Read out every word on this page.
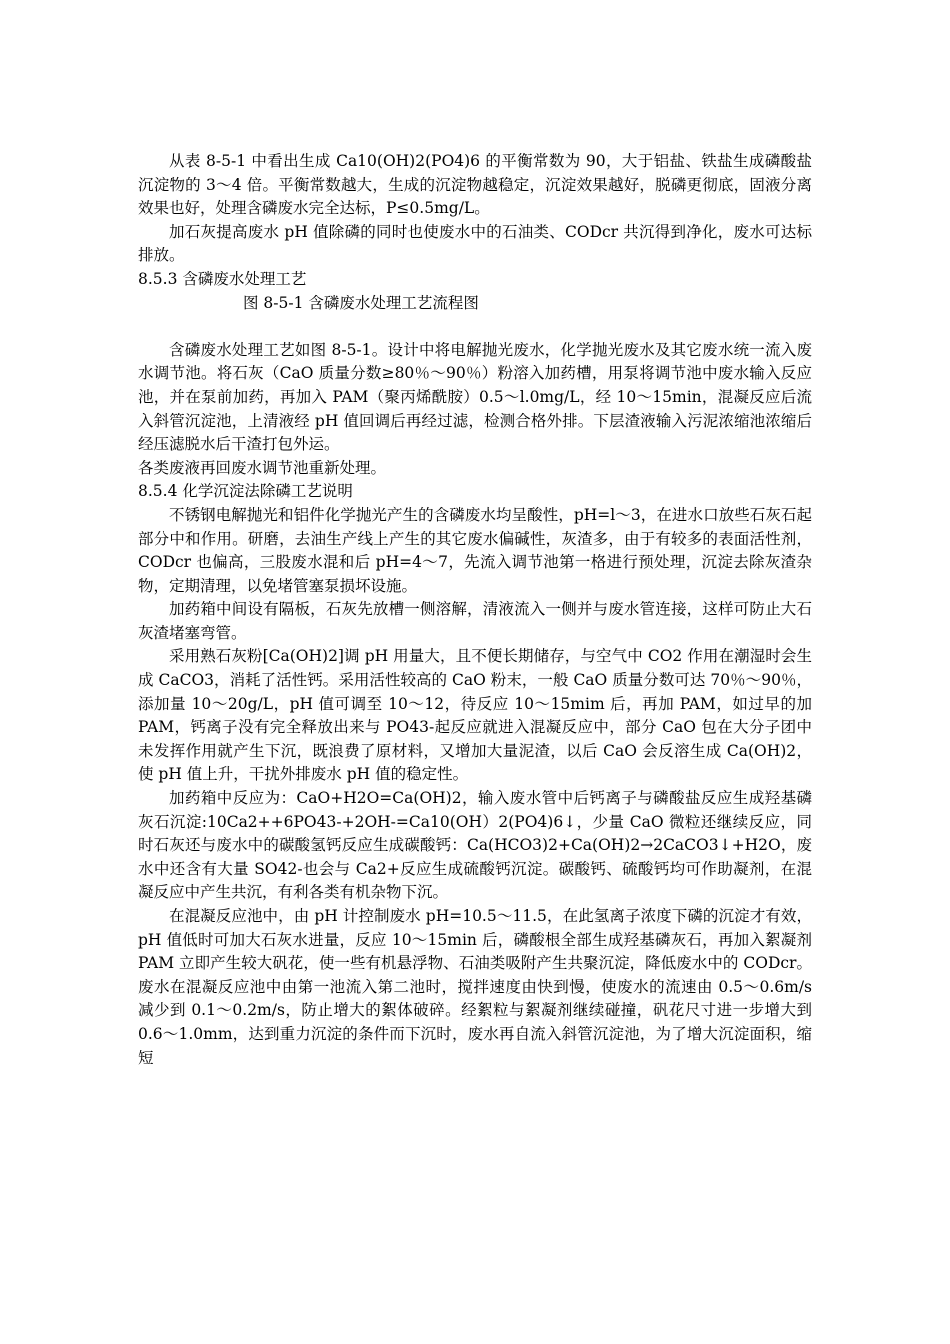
从表 8-5-1 中看出生成 Ca10(OH)2(PO4)6 的平衡常数为 90，大于铝盐、铁盐生成磷酸盐沉淀物的 3～4 倍。平衡常数越大，生成的沉淀物越稳定，沉淀效果越好，脱磷更彻底，固液分离效果也好，处理含磷废水完全达标，P≤0.5mg/L。

加石灰提高废水 pH 值除磷的同时也使废水中的石油类、CODcr 共沉得到净化，废水可达标排放。

8.5.3 含磷废水处理工艺

图 8-5-1 含磷废水处理工艺流程图

含磷废水处理工艺如图 8-5-1。设计中将电解抛光废水，化学抛光废水及其它废水统一流入废水调节池。将石灰（CaO 质量分数≥80％～90％）粉溶入加药槽，用泵将调节池中废水输入反应池，并在泵前加药，再加入 PAM（聚丙烯酰胺）0.5～l.0mg/L，经 10～15min，混凝反应后流入斜管沉淀池，上清液经 pH 值回调后再经过滤，检测合格外排。下层渣液输入污泥浓缩池浓缩后经压滤脱水后干渣打包外运。

各类废液再回废水调节池重新处理。

8.5.4 化学沉淀法除磷工艺说明

不锈钢电解抛光和铝件化学抛光产生的含磷废水均呈酸性，pH=l～3，在进水口放些石灰石起部分中和作用。研磨，去油生产线上产生的其它废水偏碱性，灰渣多，由于有较多的表面活性剂，CODcr 也偏高，三股废水混和后 pH=4～7，先流入调节池第一格进行预处理，沉淀去除灰渣杂物，定期清理，以免堵管塞泵损坏设施。

加药箱中间设有隔板，石灰先放槽一侧溶解，清液流入一侧并与废水管连接，这样可防止大石灰渣堵塞弯管。

采用熟石灰粉[Ca(OH)2]调 pH 用量大，且不便长期储存，与空气中 CO2 作用在潮湿时会生成 CaCO3，消耗了活性钙。采用活性较高的 CaO 粉末，一般 CaO 质量分数可达 70％～90％，添加量 10～20g/L，pH 值可调至 10～12，待反应 10～15mim 后，再加 PAM，如过早的加 PAM，钙离子没有完全释放出来与 PO43-起反应就进入混凝反应中，部分 CaO 包在大分子团中未发挥作用就产生下沉，既浪费了原材料，又增加大量泥渣，以后 CaO 会反溶生成 Ca(OH)2，使 pH 值上升，干扰外排废水 pH 值的稳定性。

加药箱中反应为：CaO+H2O=Ca(OH)2，输入废水管中后钙离子与磷酸盐反应生成羟基磷灰石沉淀:10Ca2++6PO43-+2OH-=Ca10(OH）2(PO4)6↓，少量 CaO 微粒还继续反应，同时石灰还与废水中的碳酸氢钙反应生成碳酸钙：Ca(HCO3)2+Ca(OH)2→2CaCO3↓+H2O，废水中还含有大量 SO42-也会与 Ca2+反应生成硫酸钙沉淀。碳酸钙、硫酸钙均可作助凝剂，在混凝反应中产生共沉，有利各类有机杂物下沉。

在混凝反应池中，由 pH 计控制废水 pH=10.5～11.5，在此氢离子浓度下磷的沉淀才有效，pH 值低时可加大石灰水进量，反应 10～15min 后，磷酸根全部生成羟基磷灰石，再加入絮凝剂 PAM 立即产生较大矾花，使一些有机悬浮物、石油类吸附产生共聚沉淀，降低废水中的 CODcr。废水在混凝反应池中由第一池流入第二池时，搅拌速度由快到慢，使废水的流速由 0.5～0.6m/s 减少到 0.1～0.2m/s，防止增大的絮体破碎。经絮粒与絮凝剂继续碰撞，矾花尺寸进一步增大到 0.6～1.0mm，达到重力沉淀的条件而下沉时，废水再自流入斜管沉淀池，为了增大沉淀面积，缩短
